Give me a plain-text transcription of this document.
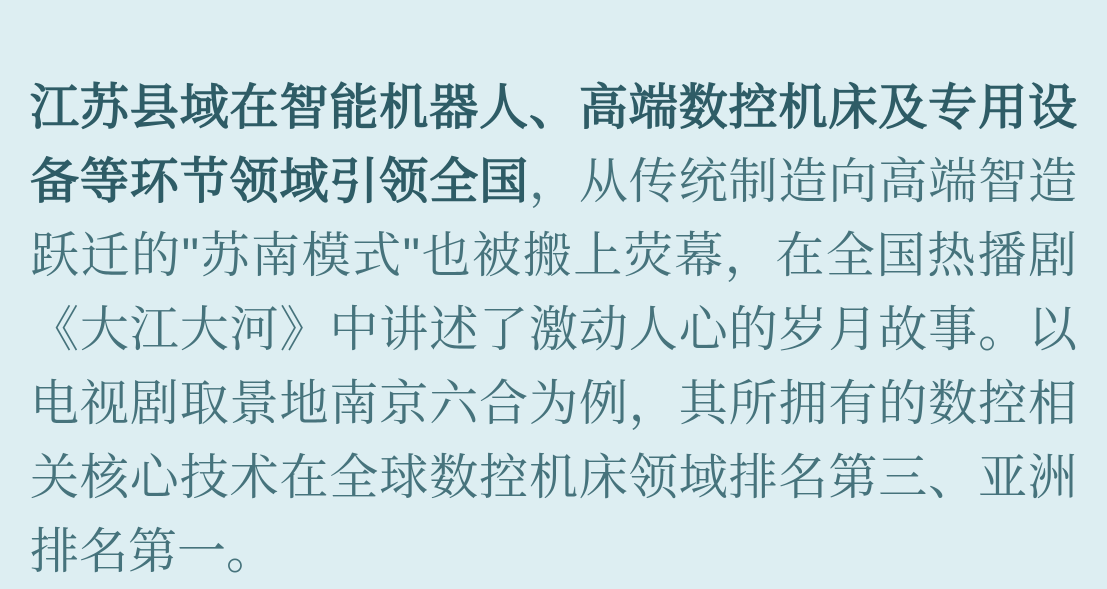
江苏县域在智能机器人、高端数控机床及专用设备等环节领域引领全国，从传统制造向高端智造跃迁的"苏南模式"也被搬上荧幕，在全国热播剧《大江大河》中讲述了激动人心的岁月故事。以电视剧取景地南京六合为例，其所拥有的数控相关核心技术在全球数控机床领域排名第三、亚洲排名第一。
